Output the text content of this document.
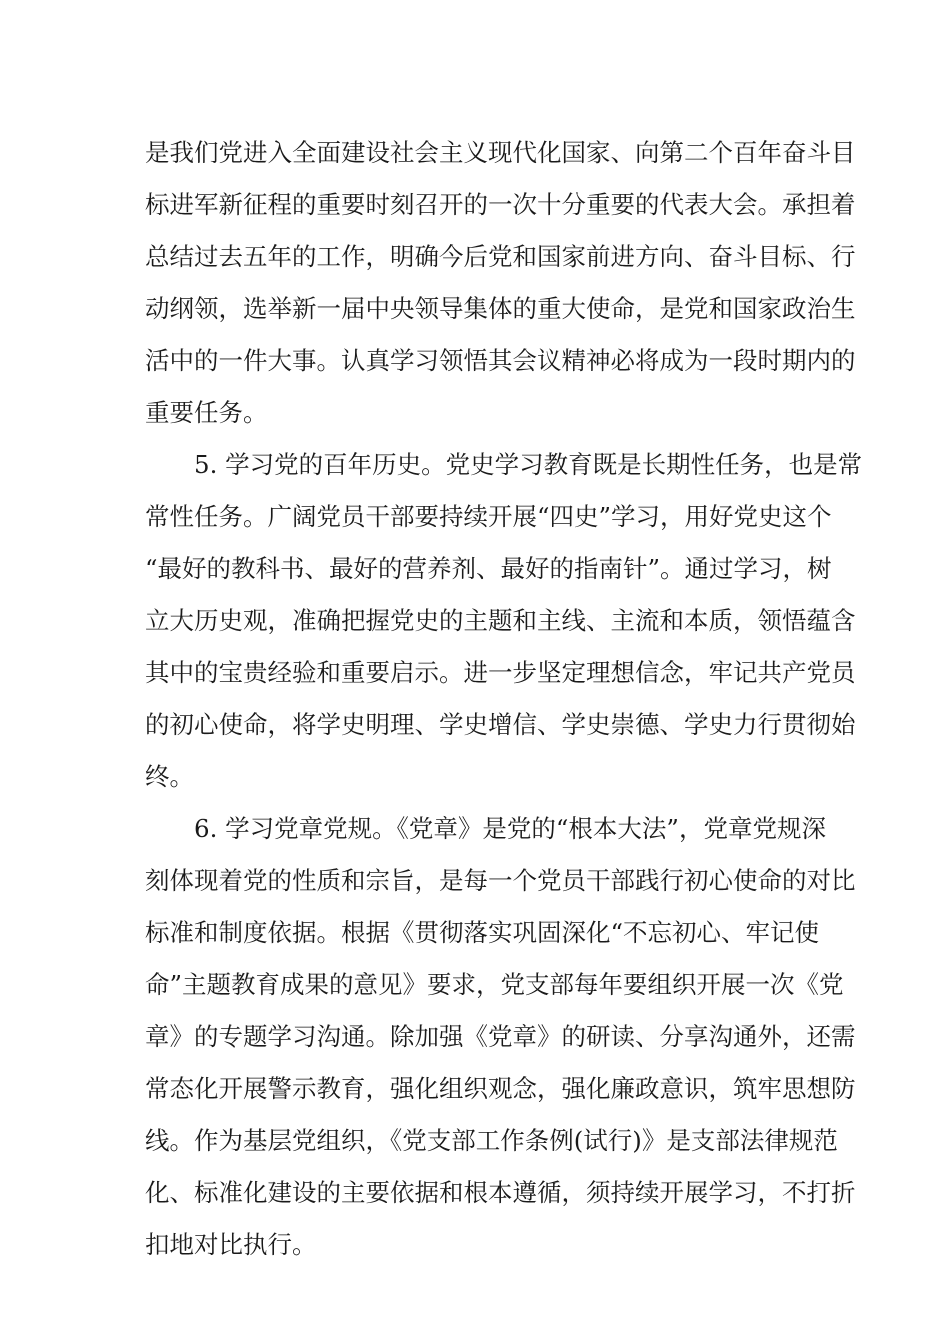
是我们党进入全面建设社会主义现代化国家、向第二个百年奋斗目
标进军新征程的重要时刻召开的一次十分重要的代表大会。承担着
总结过去五年的工作，明确今后党和国家前进方向、奋斗目标、行
动纲领，选举新一届中央领导集体的重大使命，是党和国家政治生
活中的一件大事。认真学习领悟其会议精神必将成为一段时期内的
重要任务。
5. 学习党的百年历史。党史学习教育既是长期性任务，也是常
常性任务。广阔党员干部要持续开展“四史”学习，用好党史这个
“最好的教科书、最好的营养剂、最好的指南针”。通过学习，树
立大历史观，准确把握党史的主题和主线、主流和本质，领悟蕴含
其中的宝贵经验和重要启示。进一步坚定理想信念，牢记共产党员
的初心使命，将学史明理、学史增信、学史崇德、学史力行贯彻始
终。
6. 学习党章党规。《党章》是党的“根本大法”，党章党规深
刻体现着党的性质和宗旨，是每一个党员干部践行初心使命的对比
标准和制度依据。根据《贯彻落实巩固深化“不忘初心、牢记使
命”主题教育成果的意见》要求，党支部每年要组织开展一次《党
章》的专题学习沟通。除加强《党章》的研读、分享沟通外，还需
常态化开展警示教育，强化组织观念，强化廉政意识，筑牢思想防
线。作为基层党组织，《党支部工作条例(试行)》是支部法律规范
化、标准化建设的主要依据和根本遵循，须持续开展学习，不打折
扣地对比执行。
